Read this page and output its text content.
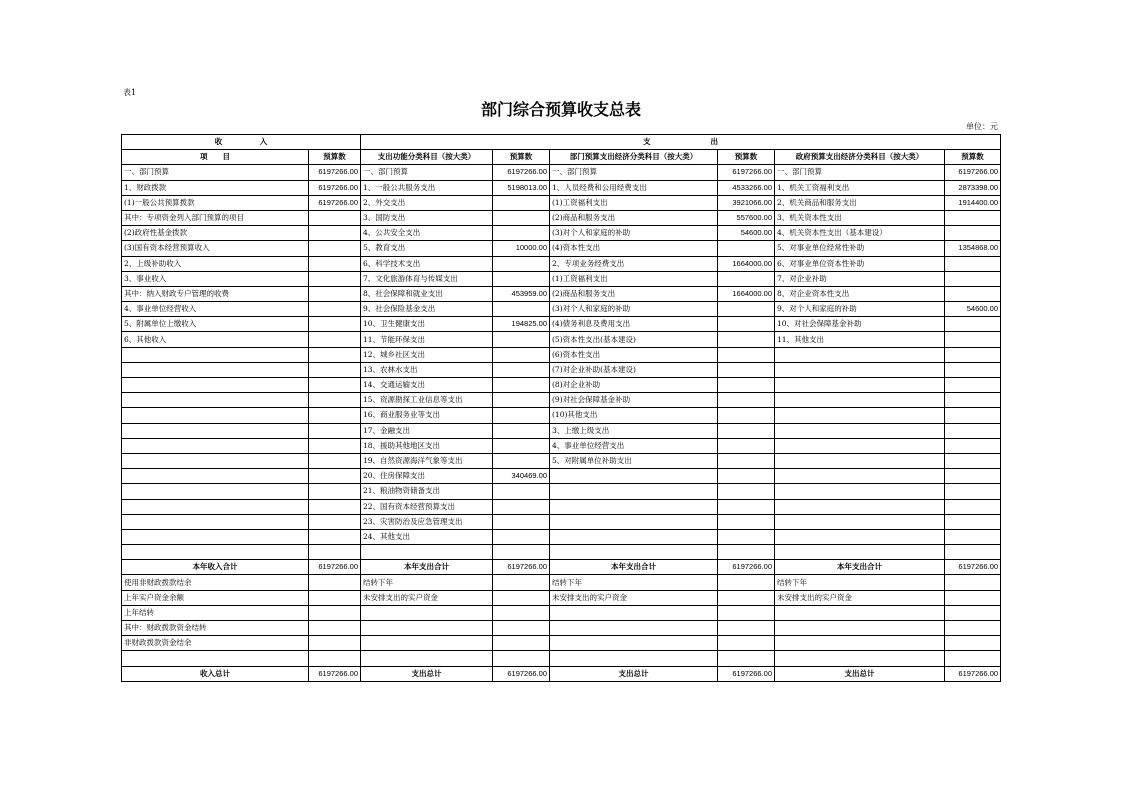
表1
部门综合预算收支总表
单位：元
收　　　　　入		支　　　　　　　　出					
项　　目	预算数	支出功能分类科目（按大类）	预算数	部门预算支出经济分类科目（按大类）	预算数	政府预算支出经济分类科目（按大类）	预算数
一、部门预算	6197266.00	一、部门预算	6197266.00	一、部门预算	6197266.00	一、部门预算	6197266.00
1、财政拨款	6197266.00	1、一般公共服务支出	5198013.00	1、人员经费和公用经费支出	4533266.00	1、机关工资福利支出	2873398.00
(1)一般公共预算拨款	6197266.00	2、外交支出		(1)工资福利支出	3921066.00	2、机关商品和服务支出	1914400.00
其中：专项资金列入部门预算的项目		3、国防支出		(2)商品和服务支出	557600.00	3、机关资本性支出	
(2)政府性基金拨款		4、公共安全支出		(3)对个人和家庭的补助	54600.00	4、机关资本性支出（基本建设）	
(3)国有资本经营预算收入		5、教育支出	10000.00	(4)资本性支出		5、对事业单位经常性补助	1354868.00
2、上级补助收入		6、科学技术支出		2、专项业务经费支出	1664000.00	6、对事业单位资本性补助	
3、事业收入		7、文化旅游体育与传媒支出		(1)工资福利支出		7、对企业补助	
其中：纳入财政专户管理的收费		8、社会保障和就业支出	453959.00	(2)商品和服务支出	1664000.00	8、对企业资本性支出	
4、事业单位经营收入		9、社会保险基金支出		(3)对个人和家庭的补助		9、对个人和家庭的补助	54600.00
5、附属单位上缴收入		10、卫生健康支出	194825.00	(4)债务利息及费用支出		10、对社会保障基金补助	
6、其他收入		11、节能环保支出		(5)资本性支出(基本建设)		11、其他支出	
		12、城乡社区支出		(6)资本性支出			
		13、农林水支出		(7)对企业补助(基本建设)			
		14、交通运输支出		(8)对企业补助			
		15、资源勘探工业信息等支出		(9)对社会保障基金补助			
		16、商业服务业等支出		(10)其他支出			
		17、金融支出		3、上缴上级支出			
		18、援助其他地区支出		4、事业单位经营支出			
		19、自然资源海洋气象等支出		5、对附属单位补助支出			
		20、住房保障支出	340469.00				
		21、粮油物资储备支出					
		22、国有资本经营预算支出					
		23、灾害防治及应急管理支出					
		24、其他支出					

本年收入合计	6197266.00	本年支出合计	6197266.00	本年支出合计	6197266.00	本年支出合计	6197266.00
使用非财政拨款结余		结转下年		结转下年		结转下年	
上年实户资金余额		未安排支出的实户资金		未安排支出的实户资金		未安排支出的实户资金	
上年结转							
其中：财政拨款资金结转							
非财政拨款资金结余							

收入总计	6197266.00	支出总计	6197266.00	支出总计	6197266.00	支出总计	6197266.00
